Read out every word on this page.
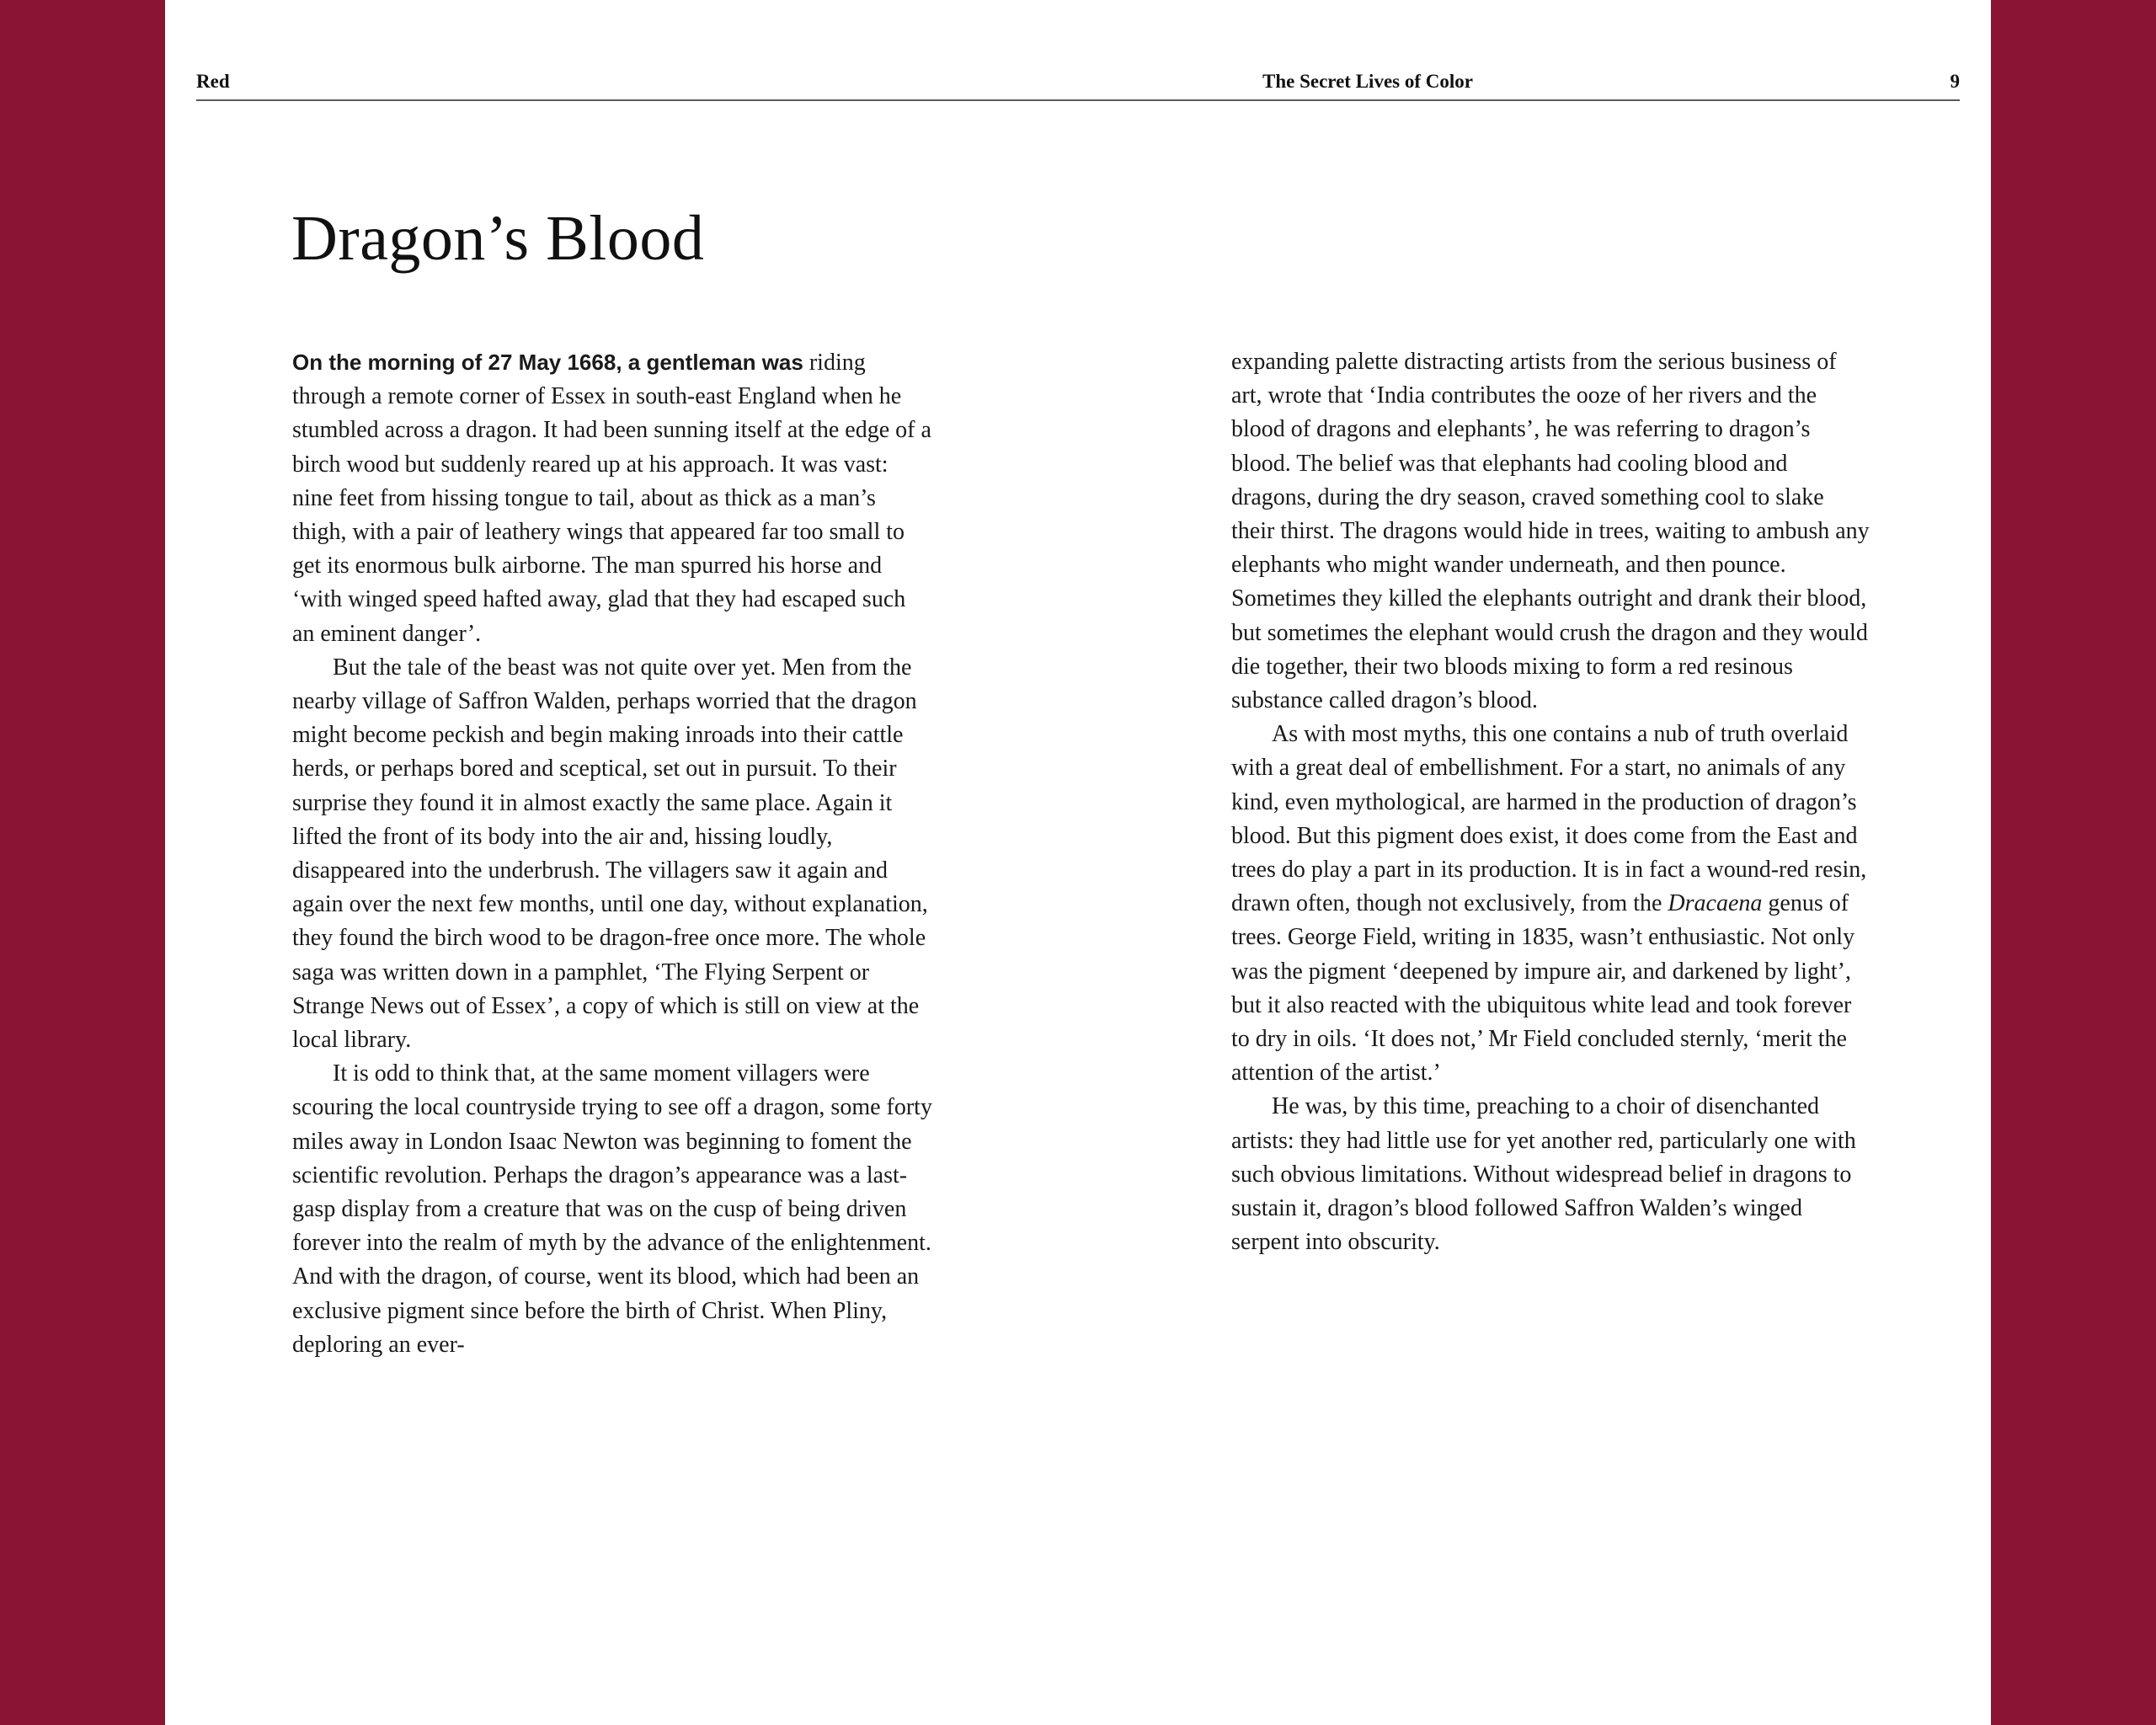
Red	The Secret Lives of Color	9
Dragon’s Blood

On the morning of 27 May 1668, a gentleman was riding through a remote corner of Essex in south-east England when he stumbled across a dragon. It had been sunning itself at the edge of a birch wood but suddenly reared up at his approach. It was vast: nine feet from hissing tongue to tail, about as thick as a man’s thigh, with a pair of leathery wings that appeared far too small to get its enormous bulk airborne. The man spurred his horse and ‘with winged speed hafted away, glad that they had escaped such an eminent danger’.

But the tale of the beast was not quite over yet. Men from the nearby village of Saffron Walden, perhaps worried that the dragon might become peckish and begin making inroads into their cattle herds, or perhaps bored and sceptical, set out in pursuit. To their surprise they found it in almost exactly the same place. Again it lifted the front of its body into the air and, hissing loudly, disappeared into the underbrush. The villagers saw it again and again over the next few months, until one day, without explanation, they found the birch wood to be dragon-free once more. The whole saga was written down in a pamphlet, ‘The Flying Serpent or Strange News out of Essex’, a copy of which is still on view at the local library.

It is odd to think that, at the same moment villagers were scouring the local countryside trying to see off a dragon, some forty miles away in London Isaac Newton was beginning to foment the scientific revolution. Perhaps the dragon’s appearance was a last-gasp display from a creature that was on the cusp of being driven forever into the realm of myth by the advance of the enlightenment. And with the dragon, of course, went its blood, which had been an exclusive pigment since before the birth of Christ. When Pliny, deploring an ever-

expanding palette distracting artists from the serious business of art, wrote that ‘India contributes the ooze of her rivers and the blood of dragons and elephants’, he was referring to dragon’s blood. The belief was that elephants had cooling blood and dragons, during the dry season, craved something cool to slake their thirst. The dragons would hide in trees, waiting to ambush any elephants who might wander underneath, and then pounce. Sometimes they killed the elephants outright and drank their blood, but sometimes the elephant would crush the dragon and they would die together, their two bloods mixing to form a red resinous substance called dragon’s blood.

As with most myths, this one contains a nub of truth overlaid with a great deal of embellishment. For a start, no animals of any kind, even mythological, are harmed in the production of dragon’s blood. But this pigment does exist, it does come from the East and trees do play a part in its production. It is in fact a wound-red resin, drawn often, though not exclusively, from the Dracaena genus of trees. George Field, writing in 1835, wasn’t enthusiastic. Not only was the pigment ‘deepened by impure air, and darkened by light’, but it also reacted with the ubiquitous white lead and took forever to dry in oils. ‘It does not,’ Mr Field concluded sternly, ‘merit the attention of the artist.’

He was, by this time, preaching to a choir of disenchanted artists: they had little use for yet another red, particularly one with such obvious limitations. Without widespread belief in dragons to sustain it, dragon’s blood followed Saffron Walden’s winged serpent into obscurity.
